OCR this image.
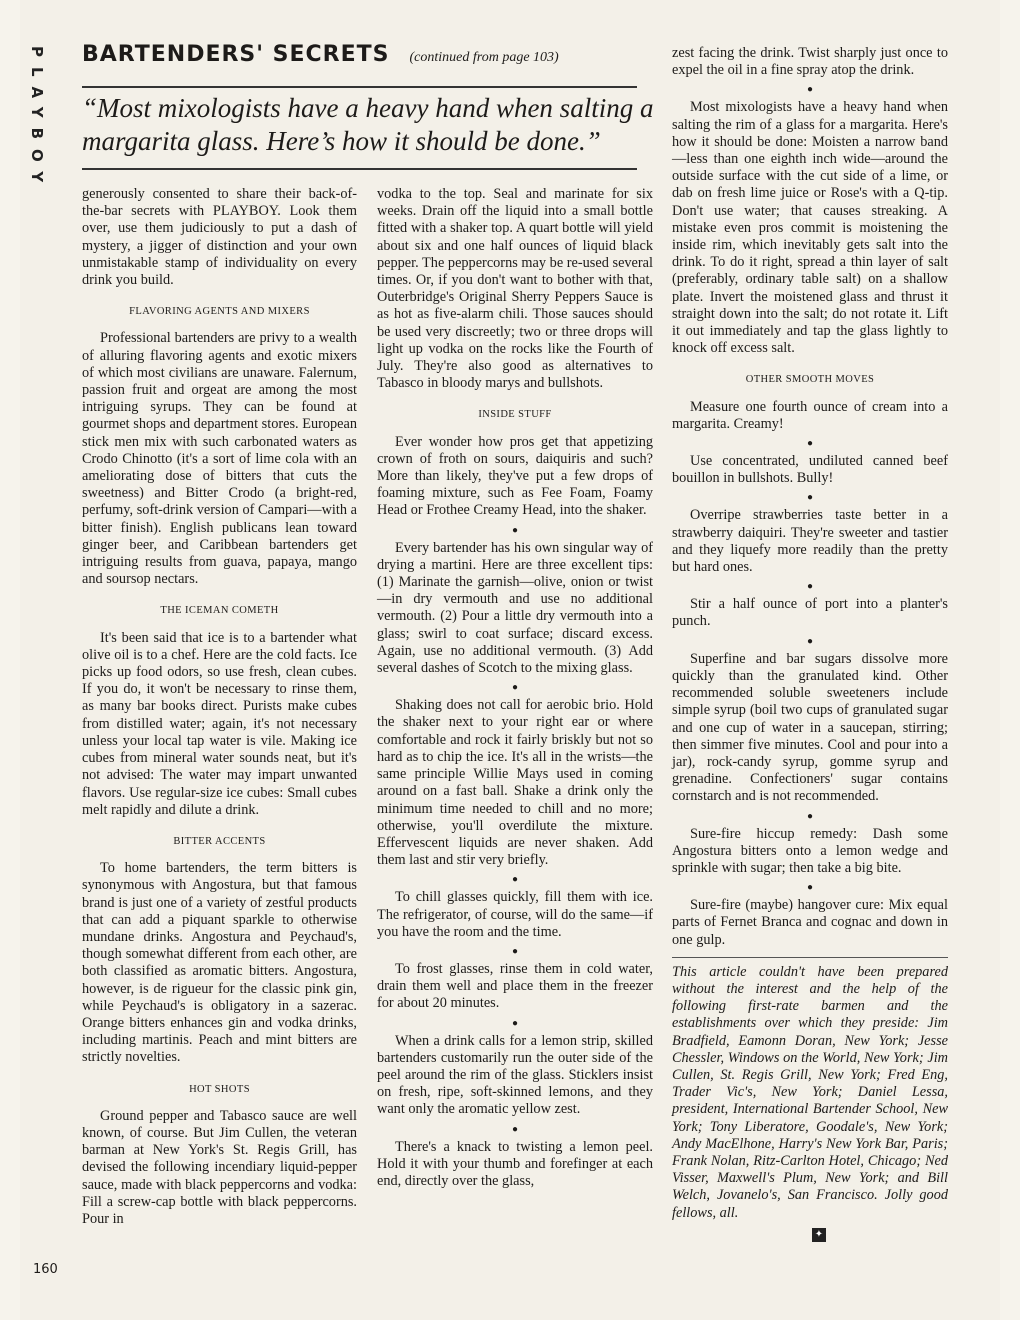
PLAYBOY
160
BARTENDERS' SECRETS (continued from page 103)
“Most mixologists have a heavy hand when salting a margarita glass. Here’s how it should be done.”

generously consented to share their back-of-the-bar secrets with PLAYBOY. Look them over, use them judiciously to put a dash of mystery, a jigger of distinction and your own unmistakable stamp of individuality on every drink you build.

FLAVORING AGENTS AND MIXERS

Professional bartenders are privy to a wealth of alluring flavoring agents and exotic mixers of which most civilians are unaware. Falernum, passion fruit and orgeat are among the most intriguing syrups. They can be found at gourmet shops and department stores. European stick men mix with such carbonated waters as Crodo Chinotto (it's a sort of lime cola with an ameliorating dose of bitters that cuts the sweetness) and Bitter Crodo (a bright-red, perfumy, soft-drink version of Campari—with a bitter finish). English publicans lean toward ginger beer, and Caribbean bartenders get intriguing results from guava, papaya, mango and soursop nectars.

THE ICEMAN COMETH

It's been said that ice is to a bartender what olive oil is to a chef. Here are the cold facts. Ice picks up food odors, so use fresh, clean cubes. If you do, it won't be necessary to rinse them, as many bar books direct. Purists make cubes from distilled water; again, it's not necessary unless your local tap water is vile. Making ice cubes from mineral water sounds neat, but it's not advised: The water may impart unwanted flavors. Use regular-size ice cubes: Small cubes melt rapidly and dilute a drink.

BITTER ACCENTS

To home bartenders, the term bitters is synonymous with Angostura, but that famous brand is just one of a variety of zestful products that can add a piquant sparkle to otherwise mundane drinks. Angostura and Peychaud's, though somewhat different from each other, are both classified as aromatic bitters. Angostura, however, is de rigueur for the classic pink gin, while Peychaud's is obligatory in a sazerac. Orange bitters enhances gin and vodka drinks, including martinis. Peach and mint bitters are strictly novelties.

HOT SHOTS

Ground pepper and Tabasco sauce are well known, of course. But Jim Cullen, the veteran barman at New York's St. Regis Grill, has devised the following incendiary liquid-pepper sauce, made with black peppercorns and vodka: Fill a screw-cap bottle with black peppercorns. Pour in

vodka to the top. Seal and marinate for six weeks. Drain off the liquid into a small bottle fitted with a shaker top. A quart bottle will yield about six and one half ounces of liquid black pepper. The peppercorns may be re-used several times. Or, if you don't want to bother with that, Outerbridge's Original Sherry Peppers Sauce is as hot as five-alarm chili. Those sauces should be used very discreetly; two or three drops will light up vodka on the rocks like the Fourth of July. They're also good as alternatives to Tabasco in bloody marys and bullshots.

INSIDE STUFF

Ever wonder how pros get that appetizing crown of froth on sours, daiquiris and such? More than likely, they've put a few drops of foaming mixture, such as Fee Foam, Foamy Head or Frothee Creamy Head, into the shaker.

●

Every bartender has his own singular way of drying a martini. Here are three excellent tips: (1) Marinate the garnish—olive, onion or twist—in dry vermouth and use no additional vermouth. (2) Pour a little dry vermouth into a glass; swirl to coat surface; discard excess. Again, use no additional vermouth. (3) Add several dashes of Scotch to the mixing glass.

●

Shaking does not call for aerobic brio. Hold the shaker next to your right ear or where comfortable and rock it fairly briskly but not so hard as to chip the ice. It's all in the wrists—the same principle Willie Mays used in coming around on a fast ball. Shake a drink only the minimum time needed to chill and no more; otherwise, you'll overdilute the mixture. Effervescent liquids are never shaken. Add them last and stir very briefly.

●

To chill glasses quickly, fill them with ice. The refrigerator, of course, will do the same—if you have the room and the time.

●

To frost glasses, rinse them in cold water, drain them well and place them in the freezer for about 20 minutes.

●

When a drink calls for a lemon strip, skilled bartenders customarily run the outer side of the peel around the rim of the glass. Sticklers insist on fresh, ripe, soft-skinned lemons, and they want only the aromatic yellow zest.

●

There's a knack to twisting a lemon peel. Hold it with your thumb and forefinger at each end, directly over the glass,

zest facing the drink. Twist sharply just once to expel the oil in a fine spray atop the drink.

●

Most mixologists have a heavy hand when salting the rim of a glass for a margarita. Here's how it should be done: Moisten a narrow band—less than one eighth inch wide—around the outside surface with the cut side of a lime, or dab on fresh lime juice or Rose's with a Q-tip. Don't use water; that causes streaking. A mistake even pros commit is moistening the inside rim, which inevitably gets salt into the drink. To do it right, spread a thin layer of salt (preferably, ordinary table salt) on a shallow plate. Invert the moistened glass and thrust it straight down into the salt; do not rotate it. Lift it out immediately and tap the glass lightly to knock off excess salt.

OTHER SMOOTH MOVES

Measure one fourth ounce of cream into a margarita. Creamy!

●

Use concentrated, undiluted canned beef bouillon in bullshots. Bully!

●

Overripe strawberries taste better in a strawberry daiquiri. They're sweeter and tastier and they liquefy more readily than the pretty but hard ones.

●

Stir a half ounce of port into a planter's punch.

●

Superfine and bar sugars dissolve more quickly than the granulated kind. Other recommended soluble sweeteners include simple syrup (boil two cups of granulated sugar and one cup of water in a saucepan, stirring; then simmer five minutes. Cool and pour into a jar), rock-candy syrup, gomme syrup and grenadine. Confectioners' sugar contains cornstarch and is not recommended.

●

Sure-fire hiccup remedy: Dash some Angostura bitters onto a lemon wedge and sprinkle with sugar; then take a big bite.

●

Sure-fire (maybe) hangover cure: Mix equal parts of Fernet Branca and cognac and down in one gulp.

This article couldn't have been prepared without the interest and the help of the following first-rate barmen and the establishments over which they preside: Jim Bradfield, Eamonn Doran, New York; Jesse Chessler, Windows on the World, New York; Jim Cullen, St. Regis Grill, New York; Fred Eng, Trader Vic's, New York; Daniel Lessa, president, International Bartender School, New York; Tony Liberatore, Goodale's, New York; Andy MacElhone, Harry's New York Bar, Paris; Frank Nolan, Ritz-Carlton Hotel, Chicago; Ned Visser, Maxwell's Plum, New York; and Bill Welch, Jovanelo's, San Francisco. Jolly good fellows, all.

✦
